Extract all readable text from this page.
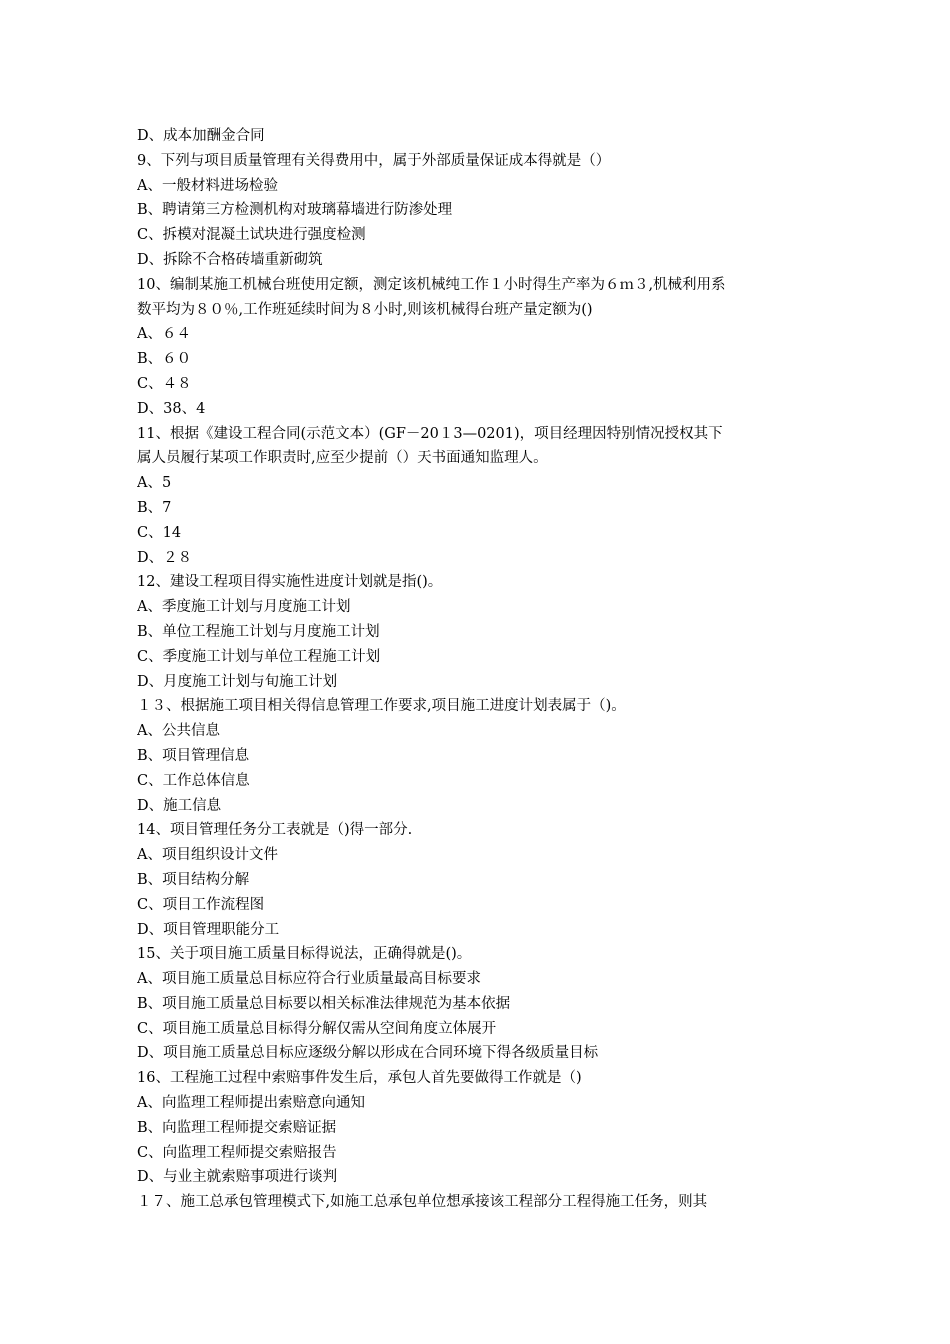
D、成本加酬金合同
9、下列与项目质量管理有关得费用中，属于外部质量保证成本得就是（）
A、一般材料进场检验
B、聘请第三方检测机构对玻璃幕墙进行防渗处理
C、拆模对混凝土试块进行强度检测
D、拆除不合格砖墙重新砌筑
10、编制某施工机械台班使用定额，测定该机械纯工作１小时得生产率为６ｍ３,机械利用系
数平均为８０％,工作班延续时间为８小时,则该机械得台班产量定额为()
A、６４
B、６０
C、４８
D、38、4
11、根据《建设工程合同(示范文本）(GF－20１3—0201)，项目经理因特别情况授权其下
属人员履行某项工作职责时,应至少提前（）天书面通知监理人。
A、5
B、7
C、14
D、２８
12、建设工程项目得实施性进度计划就是指()。
A、季度施工计划与月度施工计划
B、单位工程施工计划与月度施工计划
C、季度施工计划与单位工程施工计划
D、月度施工计划与旬施工计划
１３、根据施工项目相关得信息管理工作要求,项目施工进度计划表属于（)。
A、公共信息
B、项目管理信息
C、工作总体信息
D、施工信息
14、项目管理任务分工表就是（)得一部分.
A、项目组织设计文件
B、项目结构分解
C、项目工作流程图
D、项目管理职能分工
15、关于项目施工质量目标得说法，正确得就是()。
A、项目施工质量总目标应符合行业质量最高目标要求
B、项目施工质量总目标要以相关标准法律规范为基本依据
C、项目施工质量总目标得分解仅需从空间角度立体展开
D、项目施工质量总目标应逐级分解以形成在合同环境下得各级质量目标
16、工程施工过程中索赔事件发生后，承包人首先要做得工作就是（)
A、向监理工程师提出索赔意向通知
B、向监理工程师提交索赔证据
C、向监理工程师提交索赔报告
D、与业主就索赔事项进行谈判
１７、施工总承包管理模式下,如施工总承包单位想承接该工程部分工程得施工任务，则其
